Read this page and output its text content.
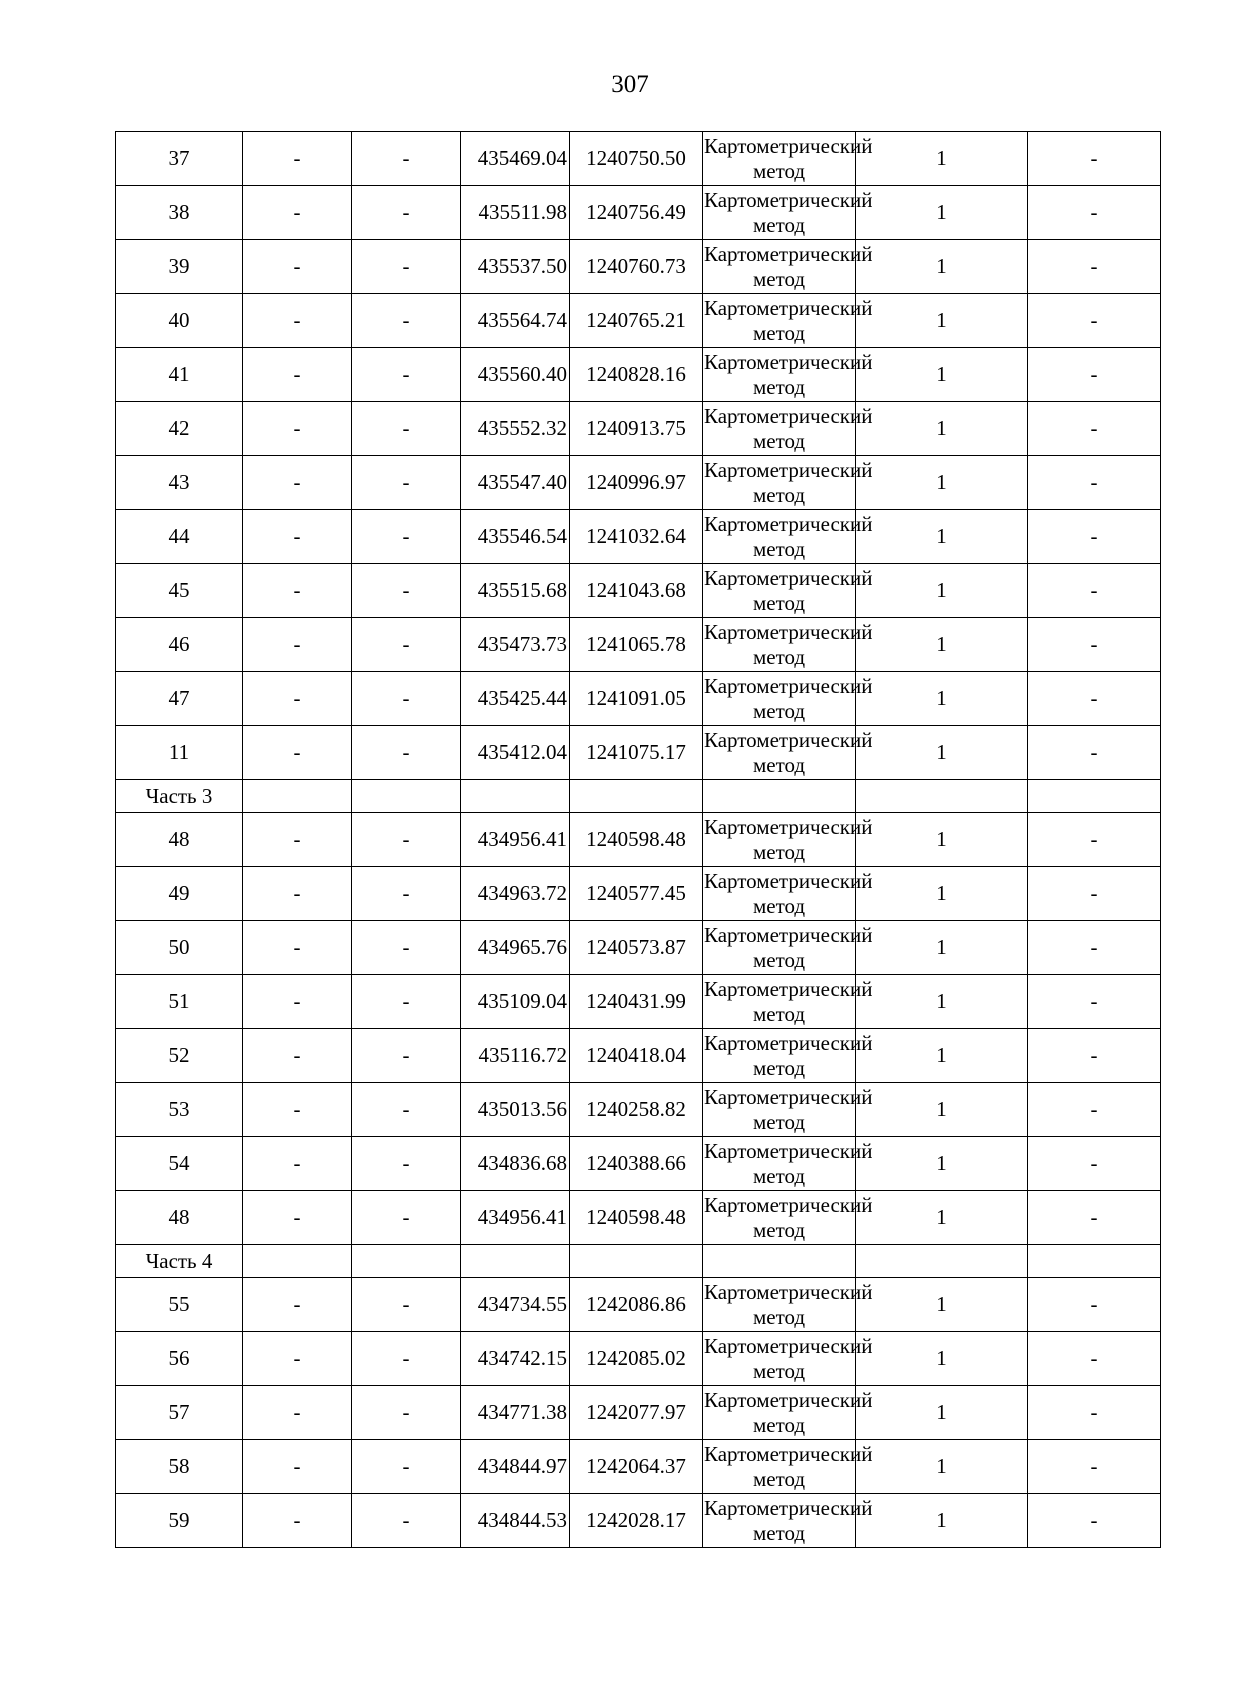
307
37	-	-	435469.04	1240750.50	Картометрический метод	1	-
38	-	-	435511.98	1240756.49	Картометрический метод	1	-
39	-	-	435537.50	1240760.73	Картометрический метод	1	-
40	-	-	435564.74	1240765.21	Картометрический метод	1	-
41	-	-	435560.40	1240828.16	Картометрический метод	1	-
42	-	-	435552.32	1240913.75	Картометрический метод	1	-
43	-	-	435547.40	1240996.97	Картометрический метод	1	-
44	-	-	435546.54	1241032.64	Картометрический метод	1	-
45	-	-	435515.68	1241043.68	Картометрический метод	1	-
46	-	-	435473.73	1241065.78	Картометрический метод	1	-
47	-	-	435425.44	1241091.05	Картометрический метод	1	-
11	-	-	435412.04	1241075.17	Картометрический метод	1	-
Часть 3							
48	-	-	434956.41	1240598.48	Картометрический метод	1	-
49	-	-	434963.72	1240577.45	Картометрический метод	1	-
50	-	-	434965.76	1240573.87	Картометрический метод	1	-
51	-	-	435109.04	1240431.99	Картометрический метод	1	-
52	-	-	435116.72	1240418.04	Картометрический метод	1	-
53	-	-	435013.56	1240258.82	Картометрический метод	1	-
54	-	-	434836.68	1240388.66	Картометрический метод	1	-
48	-	-	434956.41	1240598.48	Картометрический метод	1	-
Часть 4							
55	-	-	434734.55	1242086.86	Картометрический метод	1	-
56	-	-	434742.15	1242085.02	Картометрический метод	1	-
57	-	-	434771.38	1242077.97	Картометрический метод	1	-
58	-	-	434844.97	1242064.37	Картометрический метод	1	-
59	-	-	434844.53	1242028.17	Картометрический метод	1	-
